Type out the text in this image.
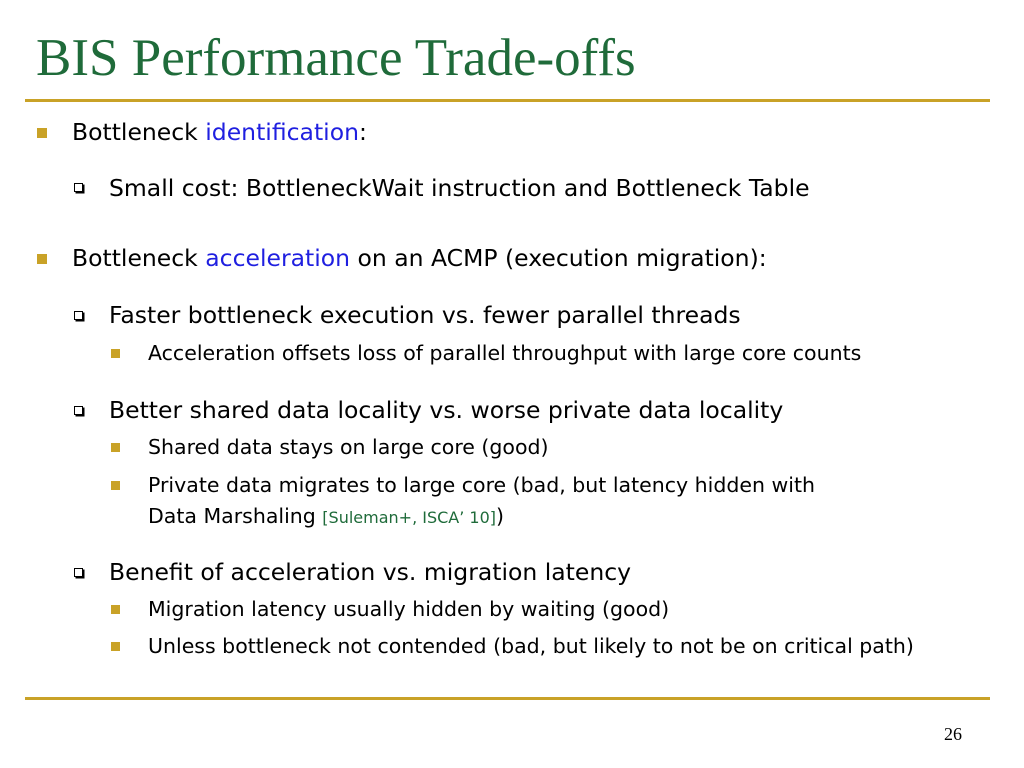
BIS Performance Trade-offs
Bottleneck identification:
Small cost: BottleneckWait instruction and Bottleneck Table
Bottleneck acceleration on an ACMP (execution migration):
Faster bottleneck execution vs. fewer parallel threads
Acceleration offsets loss of parallel throughput with large core counts
Better shared data locality vs. worse private data locality
Shared data stays on large core (good)
Private data migrates to large core (bad, but latency hidden with
Data Marshaling [Suleman+, ISCA’ 10])
Benefit of acceleration vs. migration latency
Migration latency usually hidden by waiting (good)
Unless bottleneck not contended (bad, but likely to not be on critical path)
26
